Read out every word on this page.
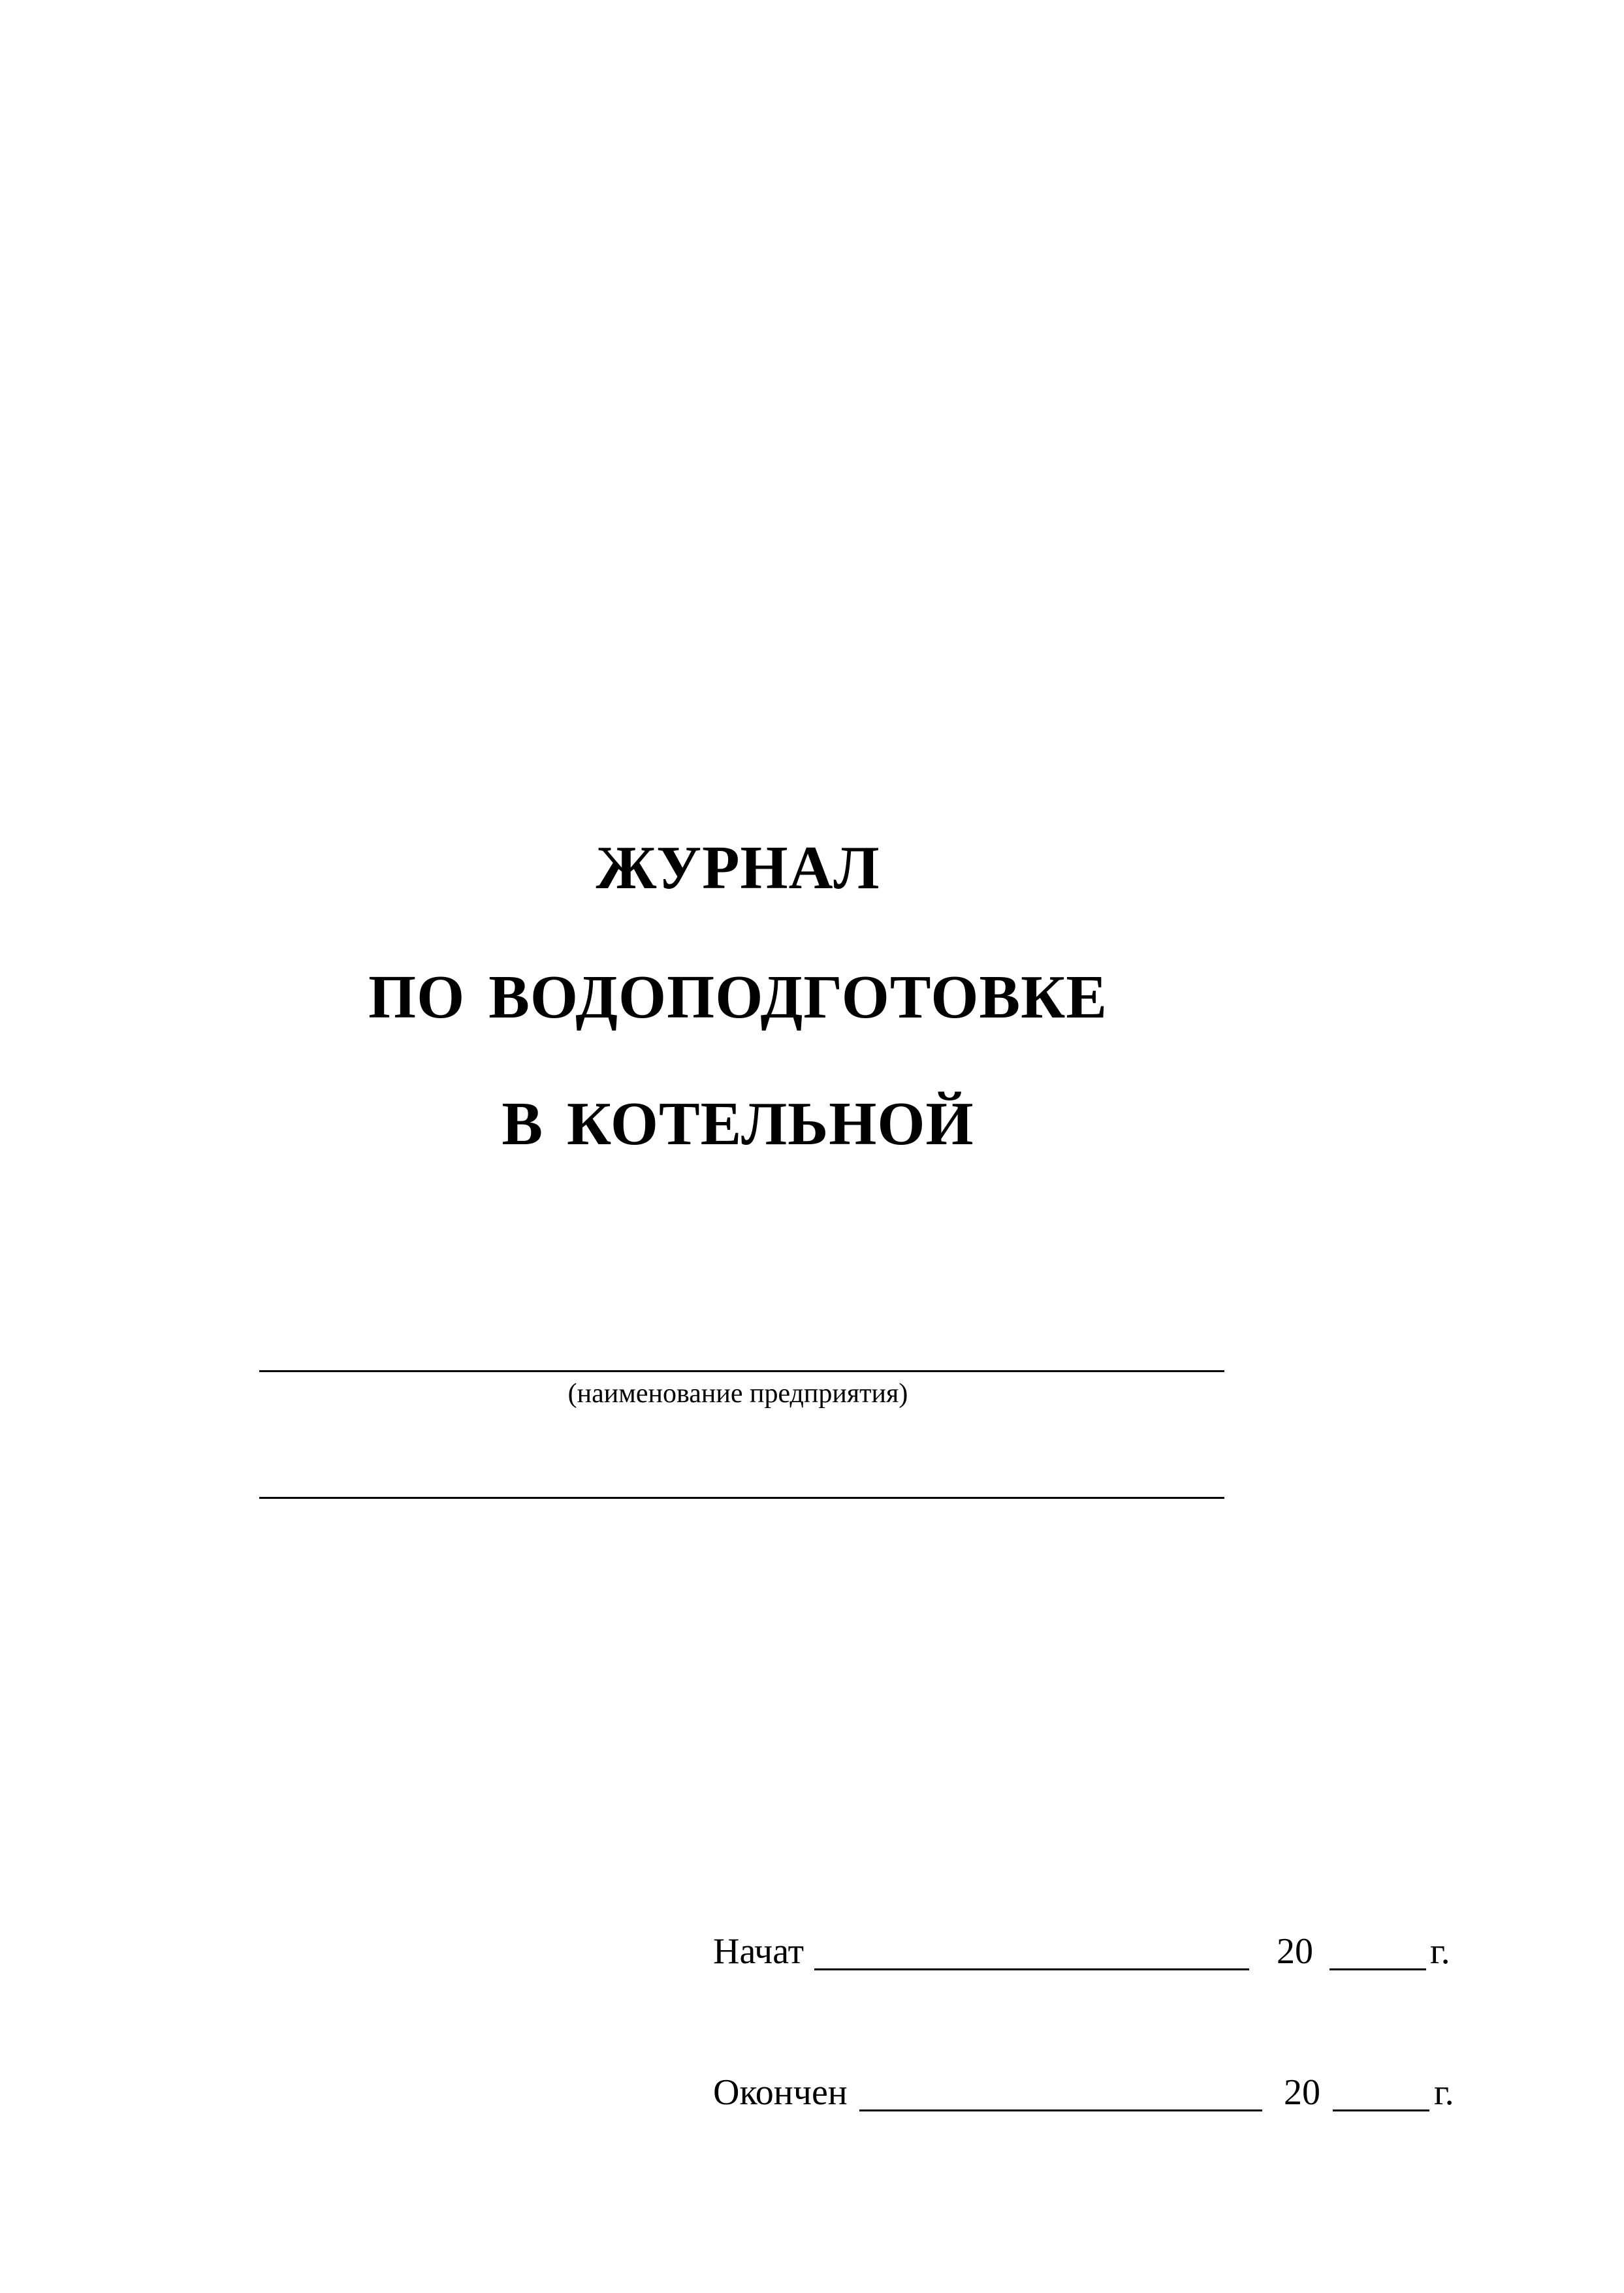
ЖУРНАЛ
ПО ВОДОПОДГОТОВКЕ
В КОТЕЛЬНОЙ
(наименование предприятия)
Начат	20	г.
Окончен	20	г.
